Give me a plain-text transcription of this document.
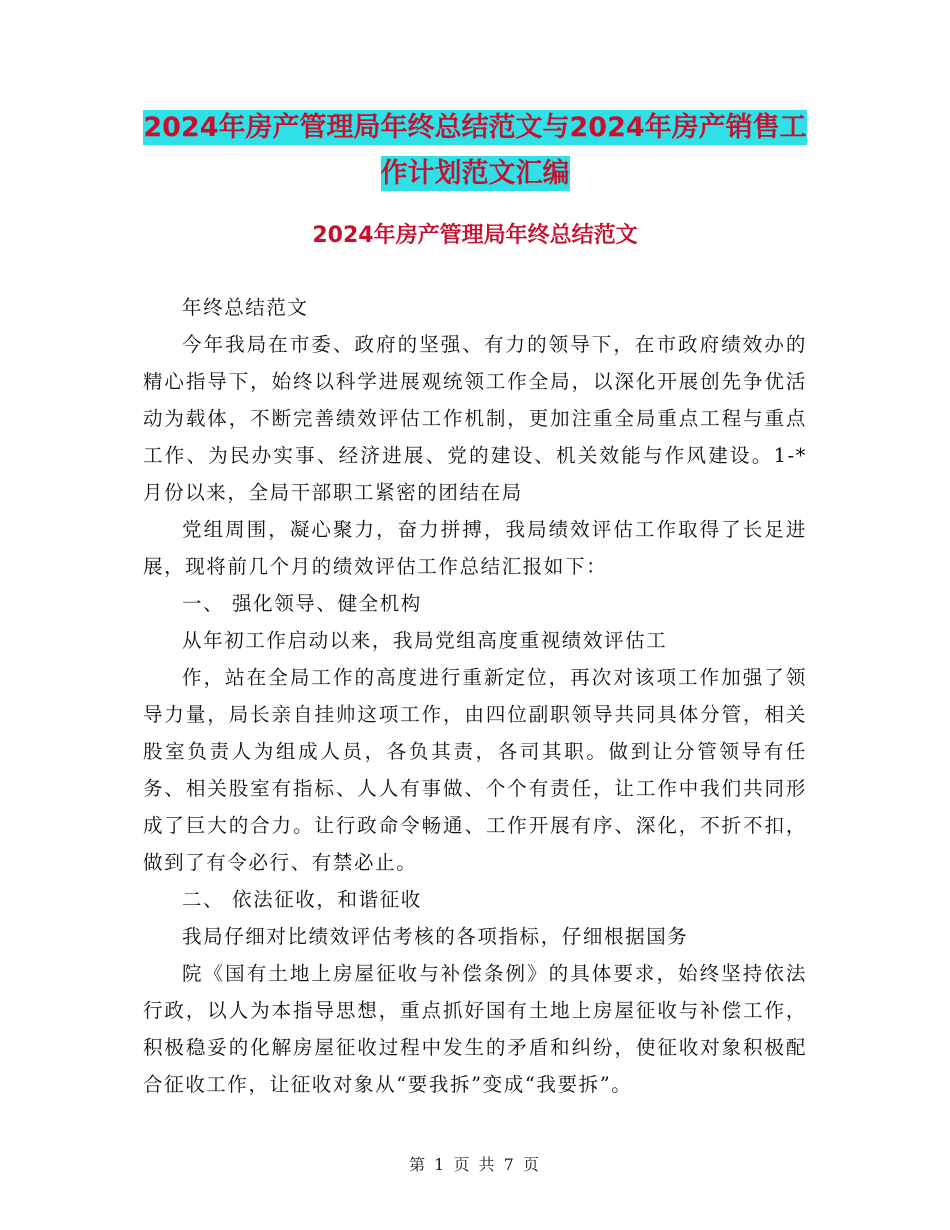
2024年房产管理局年终总结范文与2024年房产销售工
作计划范文汇编
2024年房产管理局年终总结范文

年终总结范文

今年我局在市委、政府的坚强、有力的领导下，在市政府绩效办的精心指导下，始终以科学进展观统领工作全局，以深化开展创先争优活动为载体，不断完善绩效评估工作机制，更加注重全局重点工程与重点工作、为民办实事、经济进展、党的建设、机关效能与作风建设。1-*月份以来，全局干部职工紧密的团结在局

党组周围，凝心聚力，奋力拼搏，我局绩效评估工作取得了长足进展，现将前几个月的绩效评估工作总结汇报如下：

一、 强化领导、健全机构

从年初工作启动以来，我局党组高度重视绩效评估工

作，站在全局工作的高度进行重新定位，再次对该项工作加强了领导力量，局长亲自挂帅这项工作，由四位副职领导共同具体分管，相关股室负责人为组成人员，各负其责，各司其职。做到让分管领导有任务、相关股室有指标、人人有事做、个个有责任，让工作中我们共同形成了巨大的合力。让行政命令畅通、工作开展有序、深化，不折不扣，做到了有令必行、有禁必止。

二、 依法征收，和谐征收

我局仔细对比绩效评估考核的各项指标，仔细根据国务

院《国有土地上房屋征收与补偿条例》的具体要求，始终坚持依法行政，以人为本指导思想，重点抓好国有土地上房屋征收与补偿工作，积极稳妥的化解房屋征收过程中发生的矛盾和纠纷，使征收对象积极配合征收工作，让征收对象从“要我拆”变成“我要拆”。

第 1 页 共 7 页
